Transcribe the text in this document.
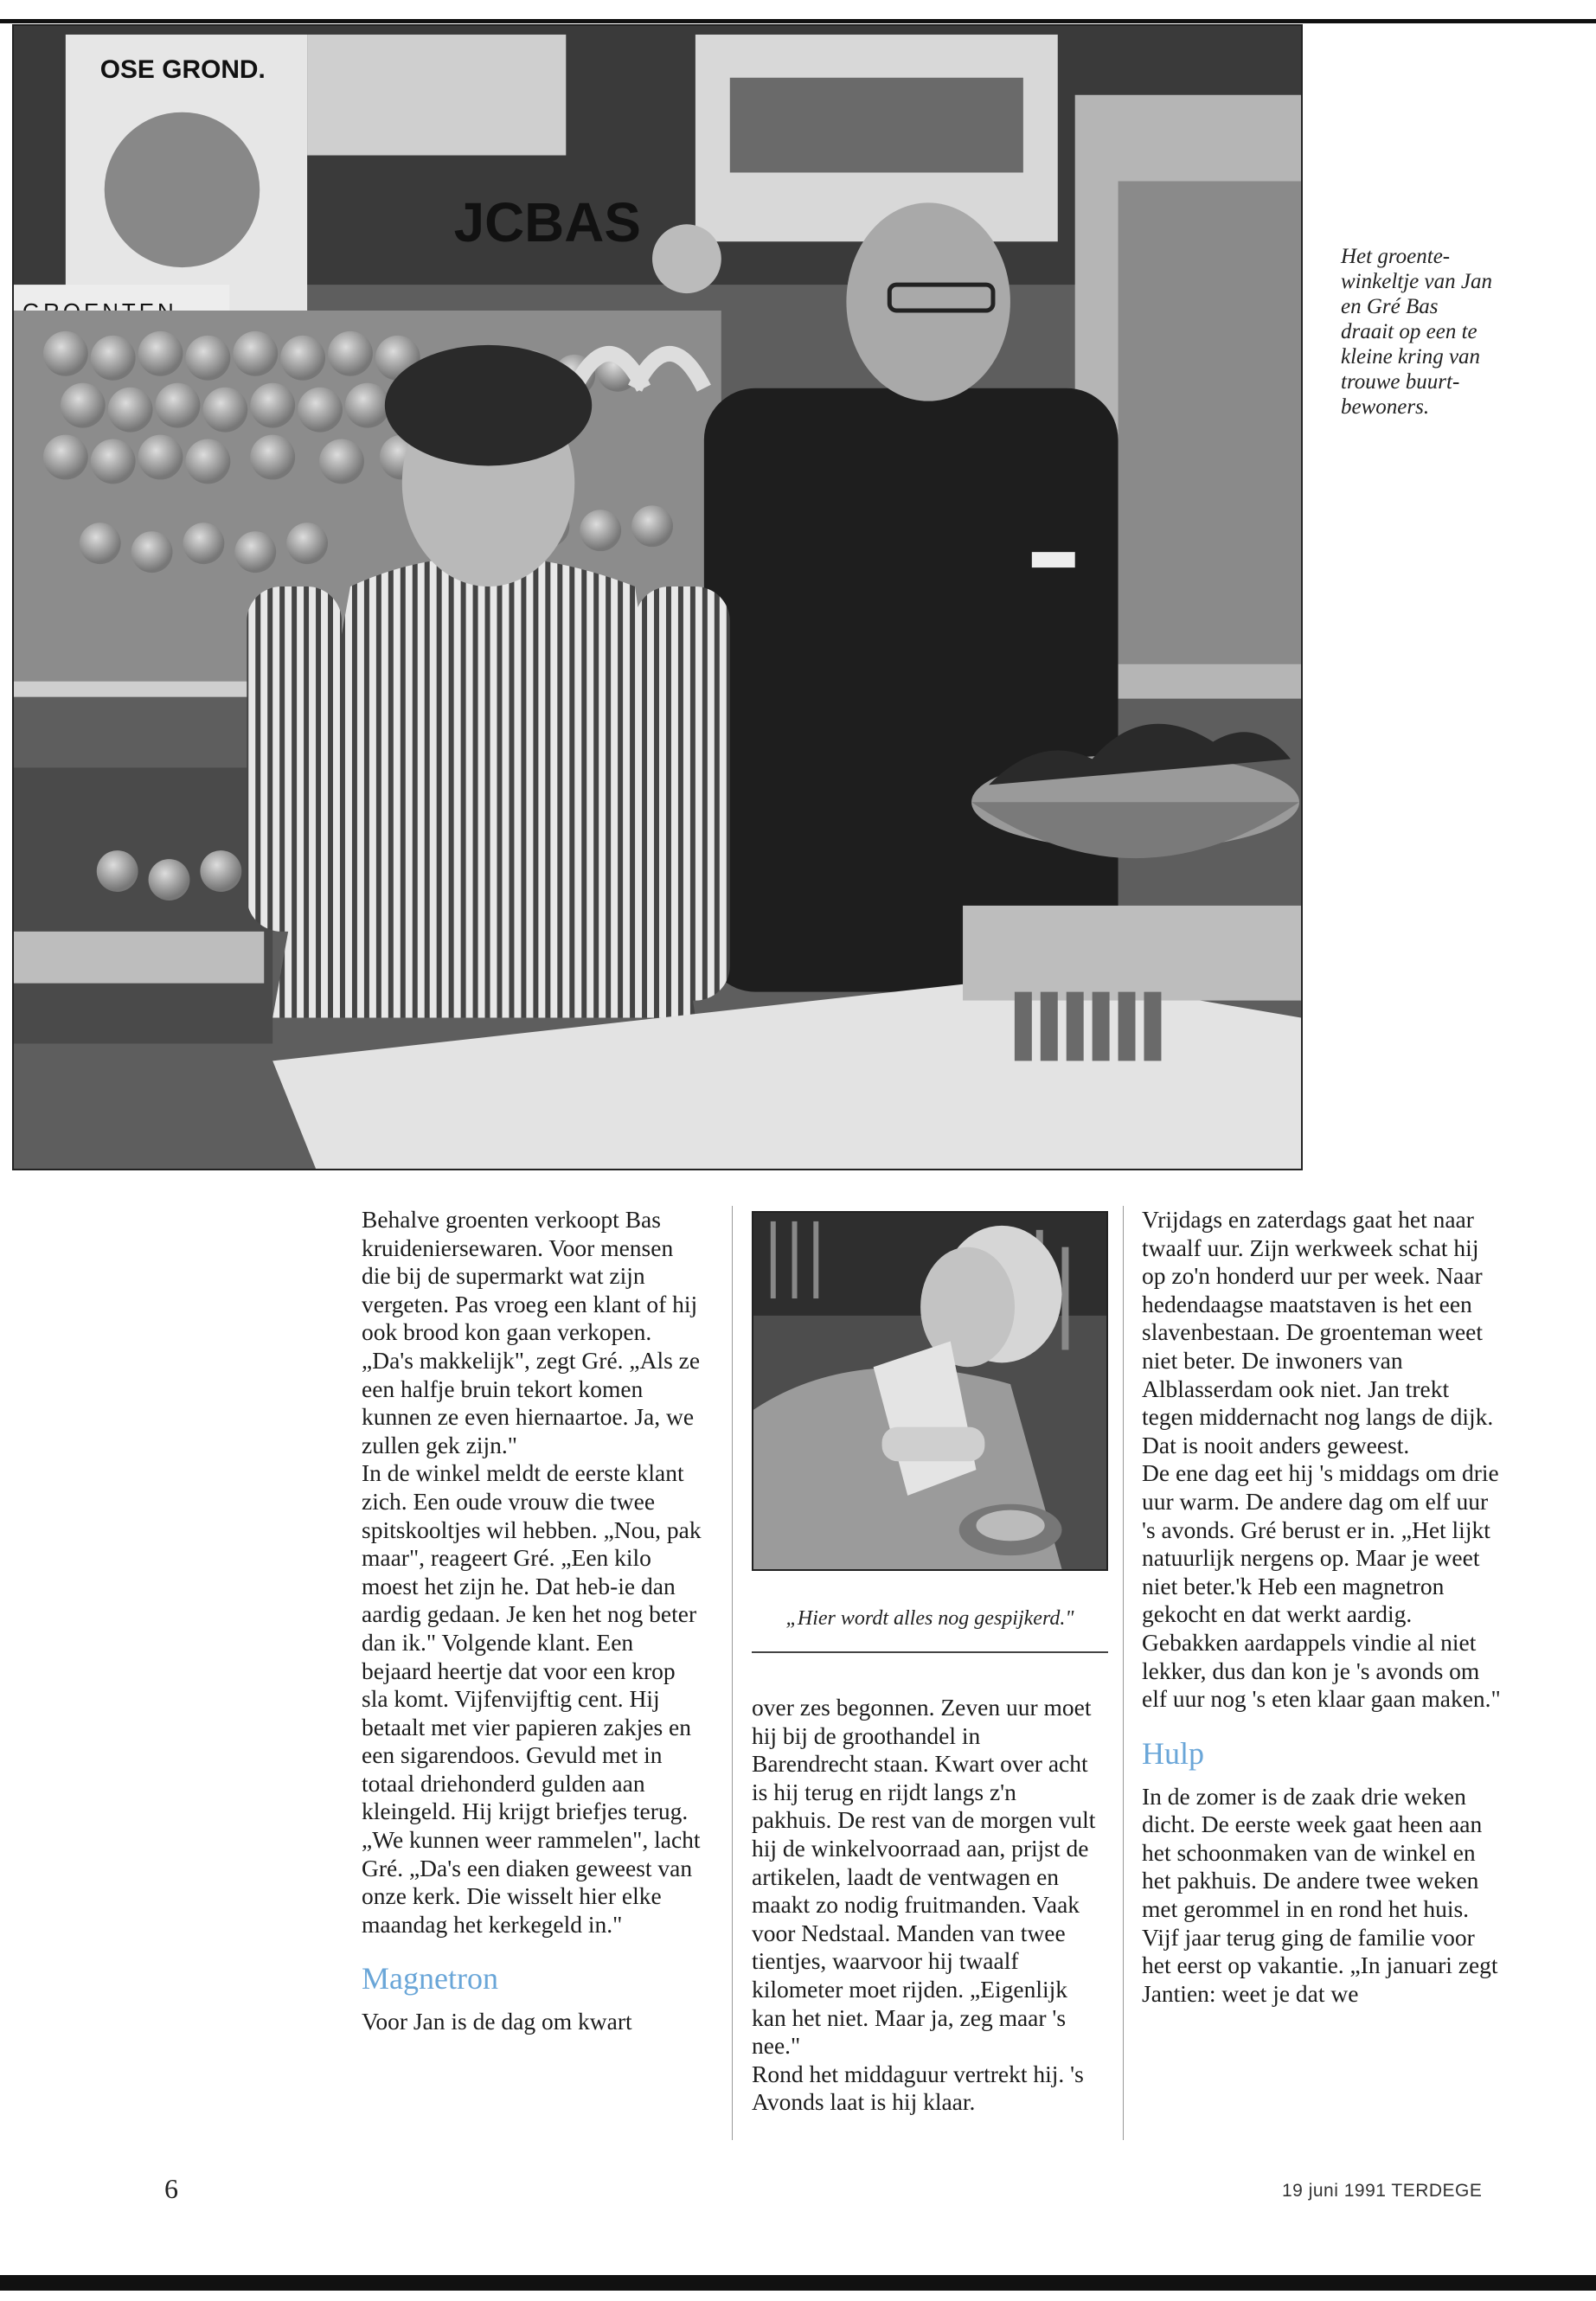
OSE GROND.
JCBAS
Het groente-winkeltje van Jan en Gré Bas draait op een te kleine kring van trouwe buurt-bewoners.

Behalve groenten verkoopt Bas kruideniersewaren. Voor mensen die bij de supermarkt wat zijn vergeten. Pas vroeg een klant of hij ook brood kon gaan verkopen. „Da's makkelijk", zegt Gré. „Als ze een halfje bruin tekort komen kunnen ze even hiernaartoe. Ja, we zullen gek zijn."

In de winkel meldt de eerste klant zich. Een oude vrouw die twee spitskooltjes wil hebben. „Nou, pak maar", reageert Gré. „Een kilo moest het zijn he. Dat heb-ie dan aardig gedaan. Je ken het nog beter dan ik." Volgende klant. Een bejaard heertje dat voor een krop sla komt. Vijfenvijftig cent. Hij betaalt met vier papieren zakjes en een sigarendoos. Gevuld met in totaal driehonderd gulden aan kleingeld. Hij krijgt briefjes terug. „We kunnen weer rammelen", lacht Gré. „Da's een diaken geweest van onze kerk. Die wisselt hier elke maandag het kerkegeld in."

Magnetron

Voor Jan is de dag om kwart

„Hier wordt alles nog gespijkerd."

over zes begonnen. Zeven uur moet hij bij de groothandel in Barendrecht staan. Kwart over acht is hij terug en rijdt langs z'n pakhuis. De rest van de morgen vult hij de winkelvoorraad aan, prijst de artikelen, laadt de ventwagen en maakt zo nodig fruitmanden. Vaak voor Nedstaal. Manden van twee tientjes, waarvoor hij twaalf kilometer moet rijden. „Eigenlijk kan het niet. Maar ja, zeg maar 's nee."

Rond het middaguur vertrekt hij. 's Avonds laat is hij klaar.

Vrijdags en zaterdags gaat het naar twaalf uur. Zijn werkweek schat hij op zo'n honderd uur per week. Naar hedendaagse maatstaven is het een slavenbestaan. De groenteman weet niet beter. De inwoners van Alblasserdam ook niet. Jan trekt tegen middernacht nog langs de dijk. Dat is nooit anders geweest.

De ene dag eet hij 's middags om drie uur warm. De andere dag om elf uur 's avonds. Gré berust er in. „Het lijkt natuurlijk nergens op. Maar je weet niet beter.'k Heb een magnetron gekocht en dat werkt aardig. Gebakken aardappels vindie al niet lekker, dus dan kon je 's avonds om elf uur nog 's eten klaar gaan maken."

Hulp

In de zomer is de zaak drie weken dicht. De eerste week gaat heen aan het schoonmaken van de winkel en het pakhuis. De andere twee weken met gerommel in en rond het huis. Vijf jaar terug ging de familie voor het eerst op vakantie. „In januari zegt Jantien: weet je dat we

6	19 juni 1991 TERDEGE
